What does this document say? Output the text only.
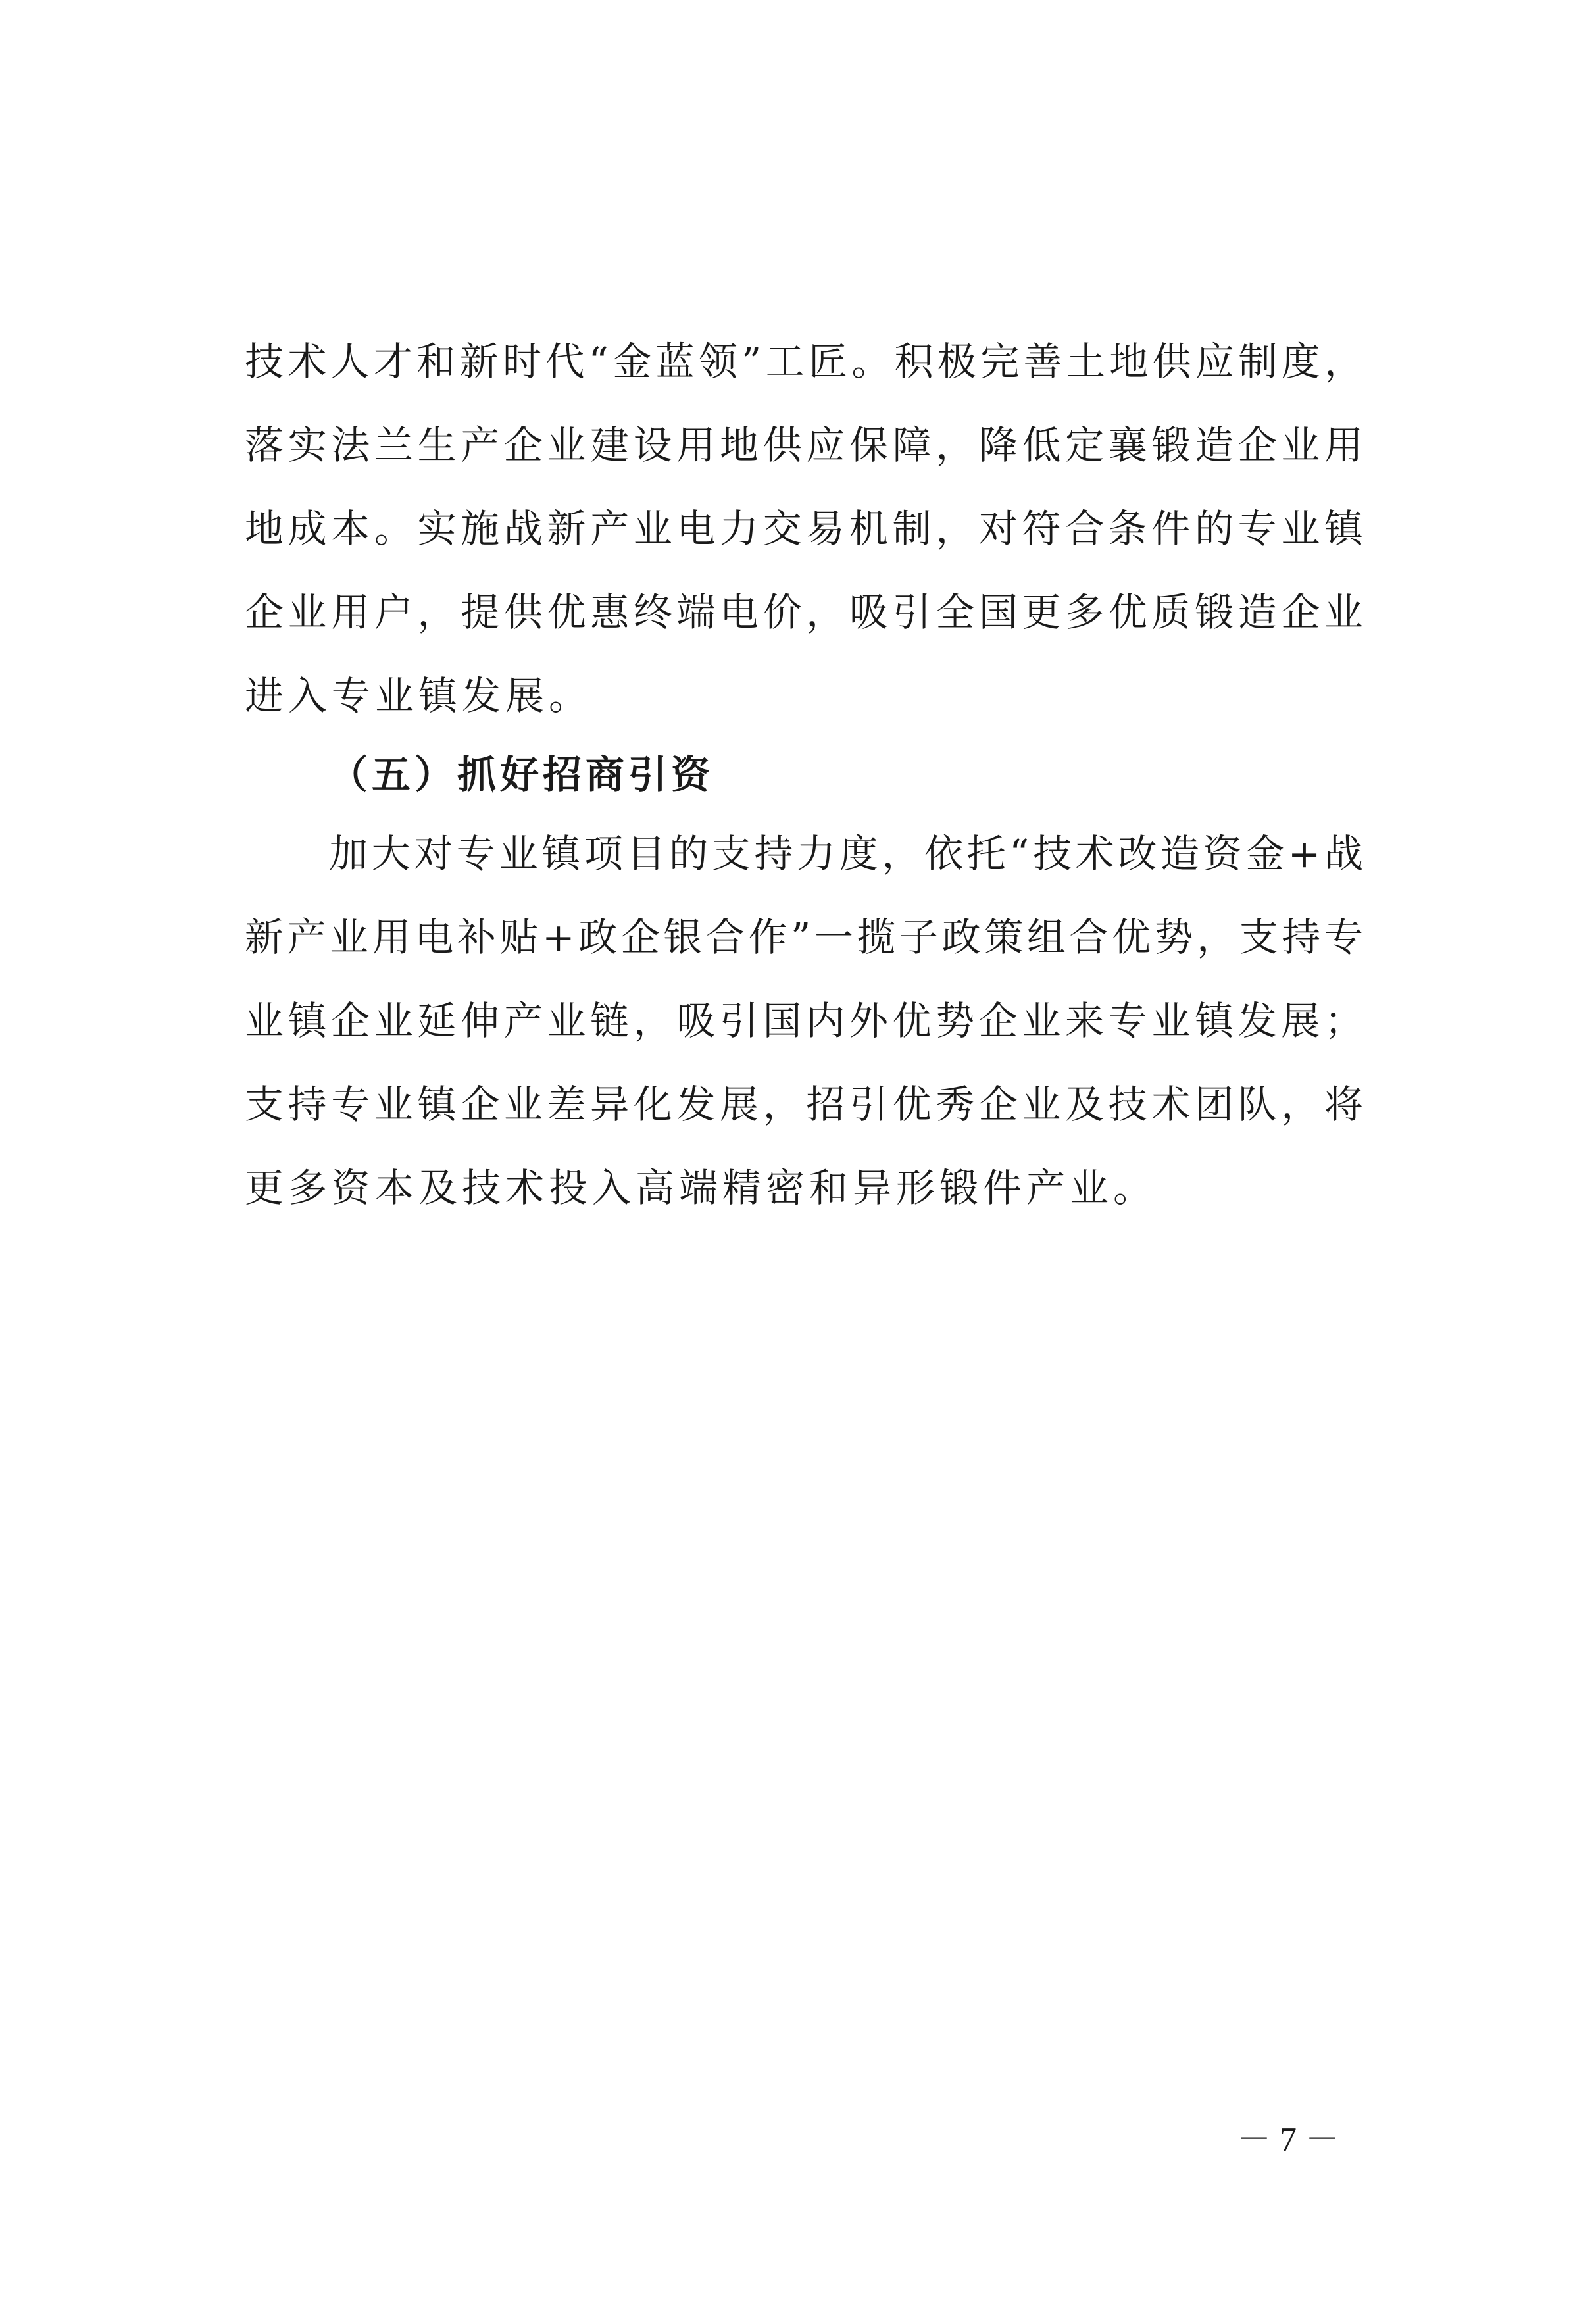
技术人才和新时代“金蓝领”工匠。积极完善土地供应制度，
落实法兰生产企业建设用地供应保障，降低定襄锻造企业用
地成本。实施战新产业电力交易机制，对符合条件的专业镇
企业用户，提供优惠终端电价，吸引全国更多优质锻造企业
进入专业镇发展。
（五）抓好招商引资
加大对专业镇项目的支持力度，依托“技术改造资金+战
新产业用电补贴+政企银合作”一揽子政策组合优势，支持专
业镇企业延伸产业链，吸引国内外优势企业来专业镇发展；
支持专业镇企业差异化发展，招引优秀企业及技术团队，将
更多资本及技术投入高端精密和异形锻件产业。
－ 7 －
